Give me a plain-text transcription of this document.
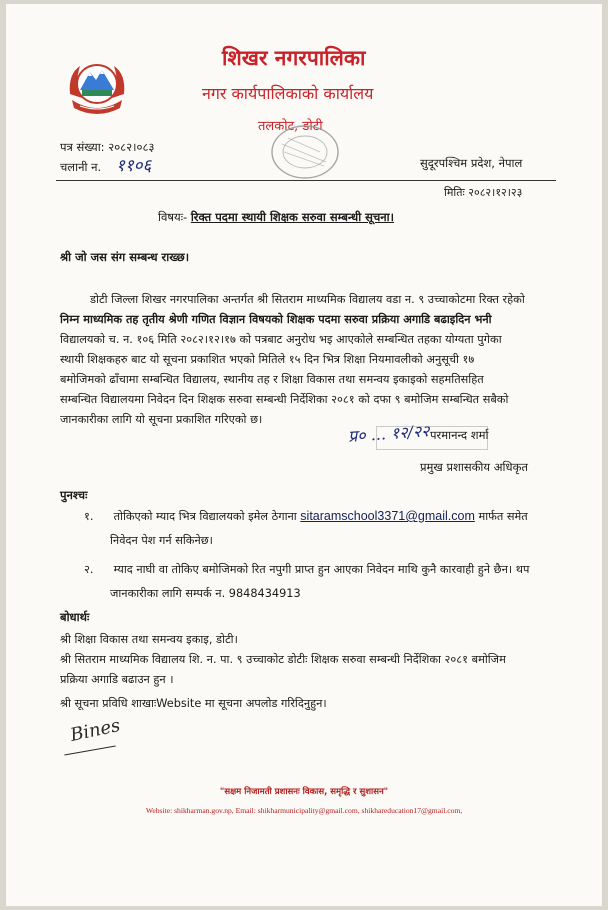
शिखर नगरपालिका
नगर कार्यपालिकाको कार्यालय
तलकोट, डोटी
पत्र संख्या: २०८२।०८३
चलानी न. ११०६	सुदूरपश्चिम प्रदेश, नेपाल
मितिः २०८२।१२।२३
विषयः- रिक्त पदमा स्थायी शिक्षक सरुवा सम्बन्धी सूचना।
श्री जो जस संग सम्बन्ध राख्छ।
डोटी जिल्ला शिखर नगरपालिका अन्तर्गत श्री सितराम माध्यमिक विद्यालय वडा न. ९ उच्चाकोटमा रिक्त रहेको
निम्न माध्यमिक तह तृतीय श्रेणी गणित विज्ञान विषयको शिक्षक पदमा सरुवा प्रक्रिया अगाडि बढाइदिन भनी
विद्यालयको च. न. १०६ मिति २०८२।१२।१७ को पत्रबाट अनुरोध भइ आएकोले सम्बन्धित तहका योग्यता पुगेका
स्थायी शिक्षकहरु बाट यो सूचना प्रकाशित भएको मितिले १५ दिन भित्र शिक्षा नियमावलीको अनुसूची १७
बमोजिमको ढाँचामा सम्बन्धित विद्यालय, स्थानीय तह र शिक्षा विकास तथा समन्वय इकाइको सहमतिसहित
सम्बन्धित विद्यालयमा निवेदन दिन शिक्षक सरुवा सम्बन्धी निर्देशिका २०८१ को दफा ९ बमोजिम सम्बन्धित सबैको
जानकारीका लागि यो सूचना प्रकाशित गरिएको छ।
प्र० ... १२/२२ परमानन्द शर्मा
प्रमुख प्रशासकीय अधिकृत
पुनश्चः
१. तोकिएको म्याद भित्र विद्यालयको इमेल ठेगाना sitaramschool3371@gmail.com मार्फत समेत
निवेदन पेश गर्न सकिनेछ।
२. म्याद नाघी वा तोकिए बमोजिमको रित नपुगी प्राप्त हुन आएका निवेदन माथि कुनै कारवाही हुने छैन। थप
जानकारीका लागि सम्पर्क न. 9848434913
बोधार्थः
श्री शिक्षा विकास तथा समन्वय इकाइ, डोटी।
श्री सितराम माध्यमिक विद्यालय शि. न. पा. ९ उच्चाकोट डोटीः शिक्षक सरुवा सम्बन्धी निर्देशिका २०८१ बमोजिम
प्रक्रिया अगाडि बढाउन हुन ।
श्री सूचना प्रविधि शाखाःWebsite मा सूचना अपलोड गरिदिनुहुन।
Bines
"सक्षम निजामती प्रशासनः विकास, समृद्धि र सुशासन"
Website: shikharman.gov.np, Email: shikharmunicipality@gmail.com, shikhareducation17@gmail.com,
